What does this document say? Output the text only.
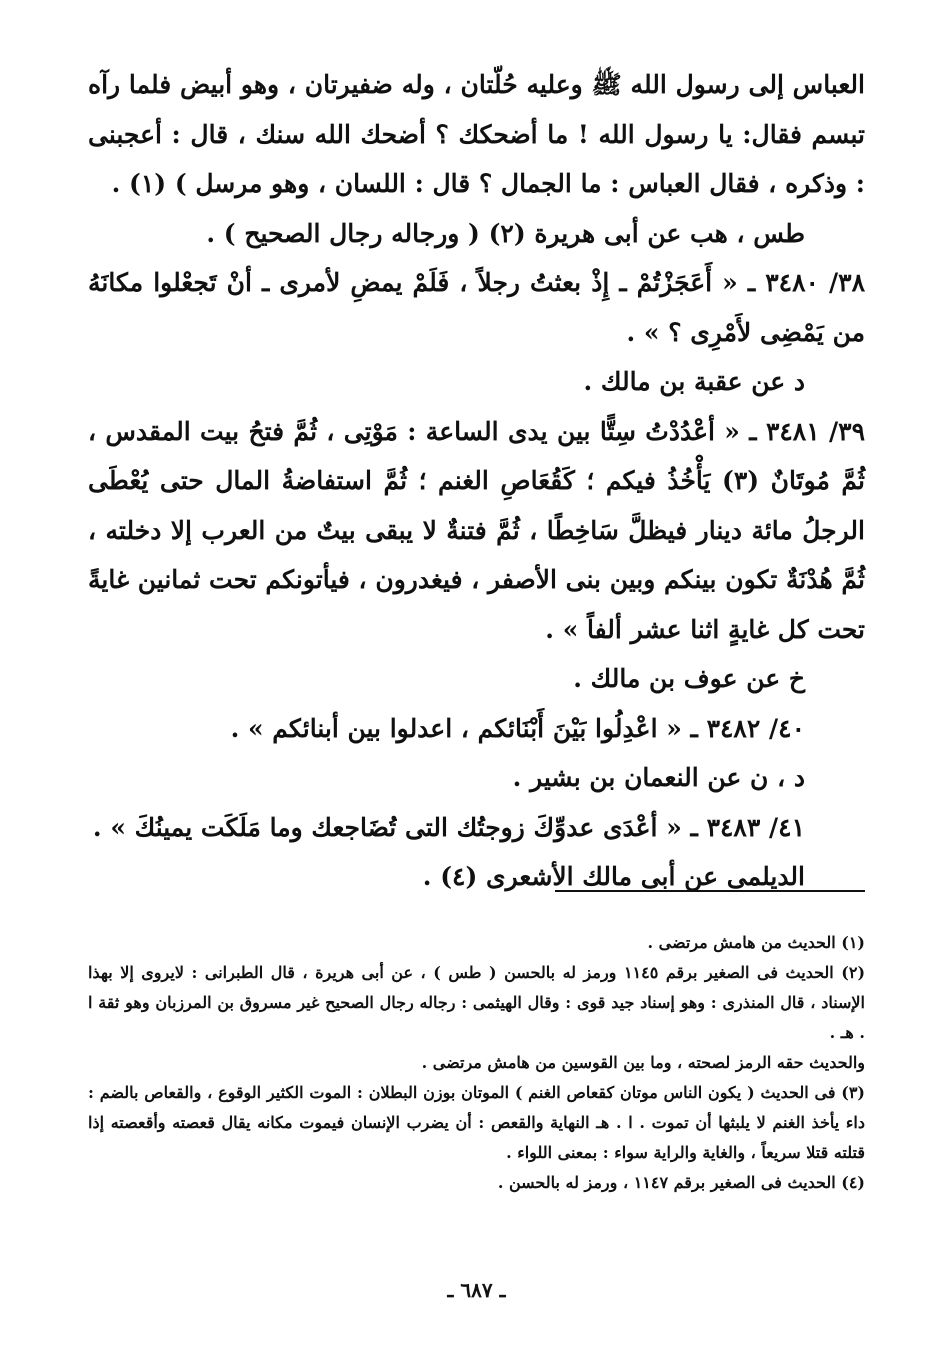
العباس إلى رسول الله ﷺ وعليه حُلّتان ، وله ضفيرتان ، وهو أبيض فلما رآه تبسم فقال: يا رسول الله ! ما أضحكك ؟ أضحك الله سنك ، قال : أعجبنى : وذكره ، فقال العباس : ما الجمال ؟ قال : اللسان ، وهو مرسل ) (١) .

طس ، هب عن أبى هريرة (٢) ( ورجاله رجال الصحيح ) .

٣٨/ ٣٤٨٠ ـ « أَعَجَزْتُمْ ـ إِذْ بعثتُ رجلاً ، فَلَمْ يمضِ لأمرى ـ أنْ تَجعْلوا مكانَهُ من يَمْضِى لأَمْرِى ؟ » .

د عن عقبة بن مالك .

٣٩/ ٣٤٨١ ـ « أعْدُدْتُ سِتًّا بين يدى الساعة : مَوْتِى ، ثُمَّ فتحُ بيت المقدس ، ثُمَّ مُوتَانٌ (٣) يَأْخُذُ فيكم ؛ كَقُعَاصِ الغنم ؛ ثُمَّ استفاضةُ المال حتى يُعْطَى الرجلُ مائة دينار فيظلَّ سَاخِطًا ، ثُمَّ فتنةٌ لا يبقى بيتٌ من العرب إلا دخلته ، ثُمَّ هُدْنَةٌ تكون بينكم وبين بنى الأصفر ، فيغدرون ، فيأتونكم تحت ثمانين غايةً تحت كل غايةٍ اثنا عشر ألفاً » .

خ عن عوف بن مالك .

٤٠/ ٣٤٨٢ ـ « اعْدِلُوا بَيْنَ أَبْنَائكم ، اعدلوا بين أبنائكم » .

د ، ن عن النعمان بن بشير .

٤١/ ٣٤٨٣ ـ « أعْدَى عدوِّكَ زوجتُك التى تُضَاجعك وما مَلَكَت يمينُكَ » .

الديلمى عن أبى مالك الأشعرى (٤) .

(١) الحديث من هامش مرتضى .

(٢) الحديث فى الصغير برقم ١١٤٥ ورمز له بالحسن ( طس ) ، عن أبى هريرة ، قال الطبرانى : لايروى إلا بهذا الإسناد ، قال المنذرى : وهو إسناد جيد قوى : وقال الهيثمى : رجاله رجال الصحيح غير مسروق بن المرزبان وهو ثقة ا . هـ .

والحديث حقه الرمز لصحته ، وما بين القوسين من هامش مرتضى .

(٣) فى الحديث ( يكون الناس موتان كقعاص الغنم ) الموتان بوزن البطلان : الموت الكثير الوقوع ، والقعاص بالضم : داء يأخذ الغنم لا يلبثها أن تموت . ا . هـ النهاية والقعص : أن يضرب الإنسان فيموت مكانه يقال قعصته وأقعصته إذا قتلته قتلا سريعاً ، والغاية والراية سواء : بمعنى اللواء .

(٤) الحديث فى الصغير برقم ١١٤٧ ، ورمز له بالحسن .

ـ ٦٨٧ ـ
